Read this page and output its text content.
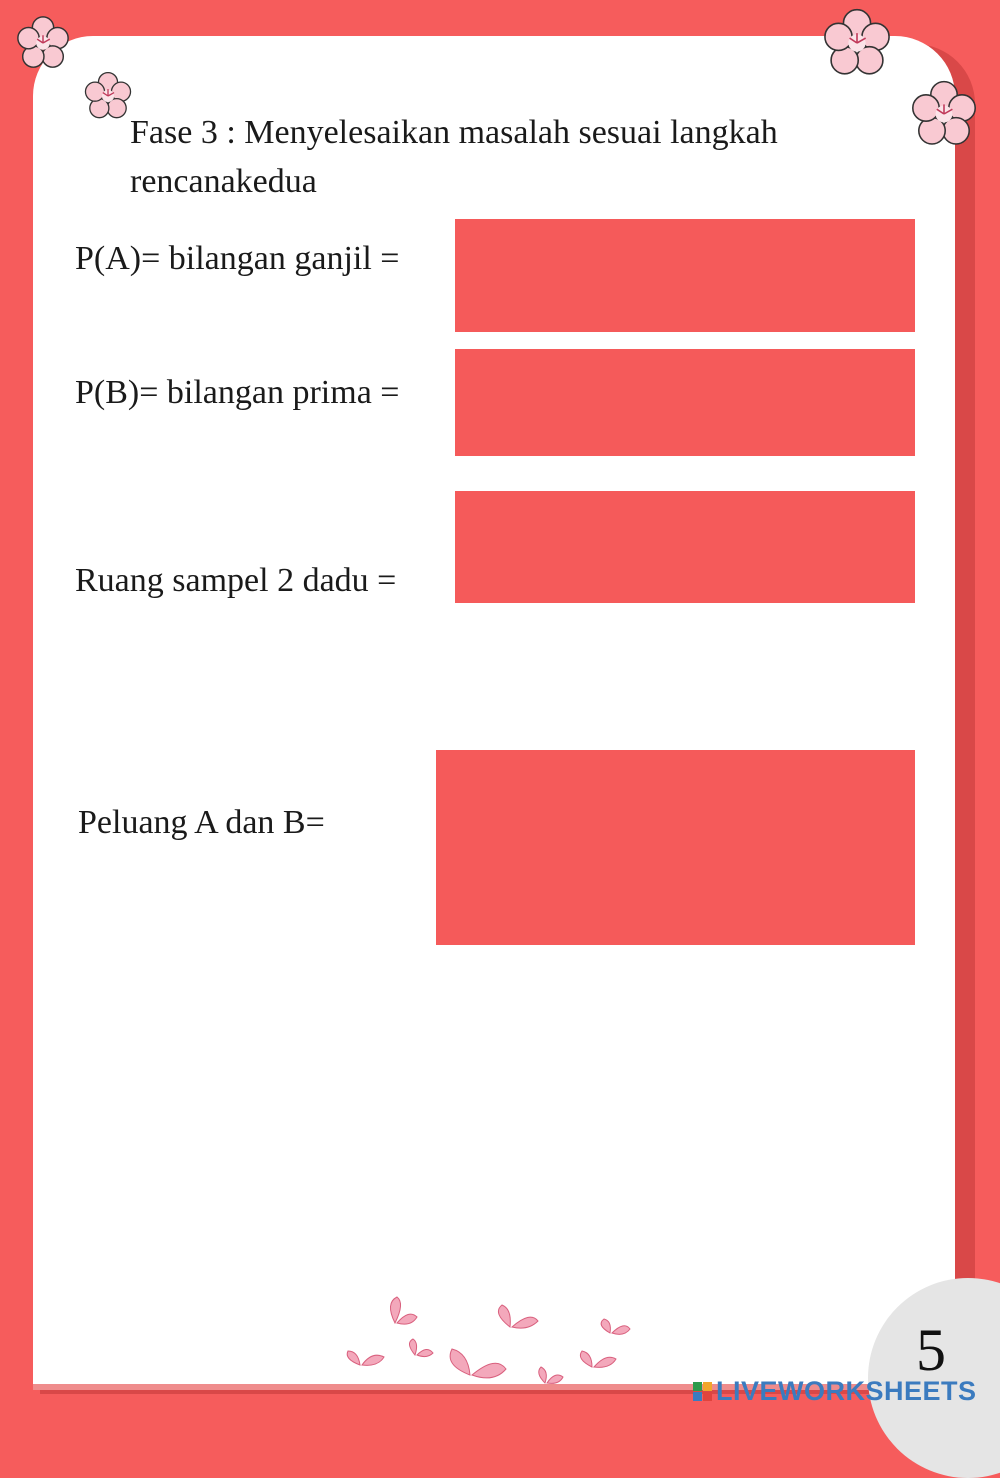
Fase 3 : Menyelesaikan masalah sesuai langkah rencanakedua
P(A)= bilangan ganjil =
P(B)= bilangan prima =
Ruang sampel 2 dadu =
Peluang A dan B=
5
LIVEWORKSHEETS
